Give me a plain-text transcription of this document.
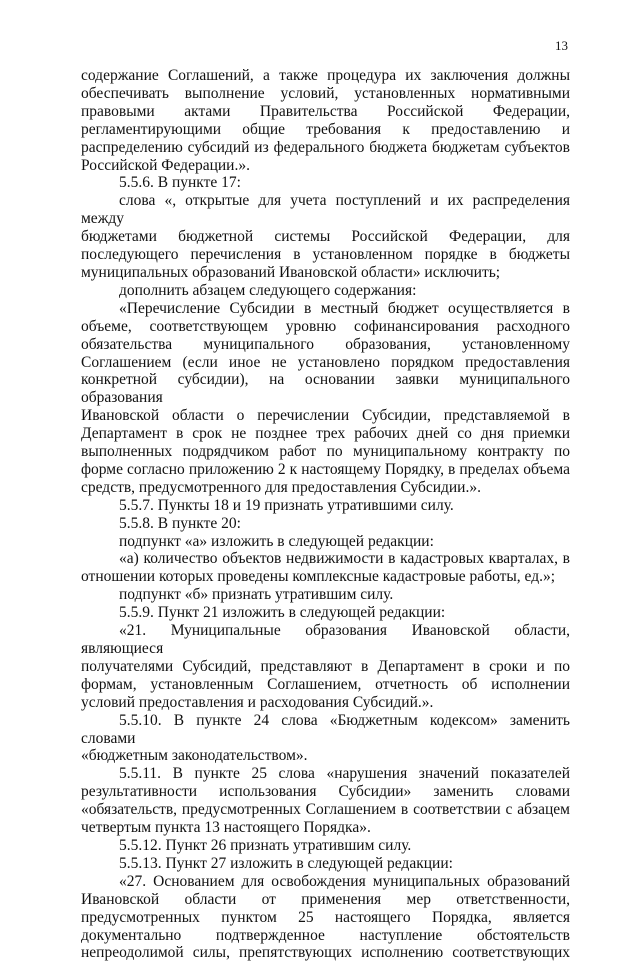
13

содержание Соглашений, а также процедура их заключения должны
обеспечивать выполнение условий, установленных нормативными
правовыми актами Правительства Российской Федерации,
регламентирующими общие требования к предоставлению и
распределению субсидий из федерального бюджета бюджетам субъектов
Российской Федерации.».

5.5.6. В пункте 17:

слова «, открытые для учета поступлений и их распределения между
бюджетами бюджетной системы Российской Федерации, для
последующего перечисления в установленном порядке в бюджеты
муниципальных образований Ивановской области» исключить;

дополнить абзацем следующего содержания:

«Перечисление Субсидии в местный бюджет осуществляется в
объеме, соответствующем уровню софинансирования расходного
обязательства муниципального образования, установленному
Соглашением (если иное не установлено порядком предоставления
конкретной субсидии), на основании заявки муниципального образования
Ивановской области о перечислении Субсидии, представляемой в
Департамент в срок не позднее трех рабочих дней со дня приемки
выполненных подрядчиком работ по муниципальному контракту по
форме согласно приложению 2 к настоящему Порядку, в пределах объема
средств, предусмотренного для предоставления Субсидии.».

5.5.7. Пункты 18 и 19 признать утратившими силу.

5.5.8. В пункте 20:

подпункт «а» изложить в следующей редакции:

«а) количество объектов недвижимости в кадастровых кварталах, в
отношении которых проведены комплексные кадастровые работы, ед.»;

подпункт «б» признать утратившим силу.

5.5.9. Пункт 21 изложить в следующей редакции:

«21. Муниципальные образования Ивановской области, являющиеся
получателями Субсидий, представляют в Департамент в сроки и по
формам, установленным Соглашением, отчетность об исполнении
условий предоставления и расходования Субсидий.».

5.5.10. В пункте 24 слова «Бюджетным кодексом» заменить словами
«бюджетным законодательством».

5.5.11. В пункте 25 слова «нарушения значений показателей
результативности использования Субсидии» заменить словами
«обязательств, предусмотренных Соглашением в соответствии с абзацем
четвертым пункта 13 настоящего Порядка».

5.5.12. Пункт 26 признать утратившим силу.

5.5.13. Пункт 27 изложить в следующей редакции:

«27. Основанием для освобождения муниципальных образований
Ивановской области от применения мер ответственности,
предусмотренных пунктом 25 настоящего Порядка, является
документально подтвержденное наступление обстоятельств
непреодолимой силы, препятствующих исполнению соответствующих
